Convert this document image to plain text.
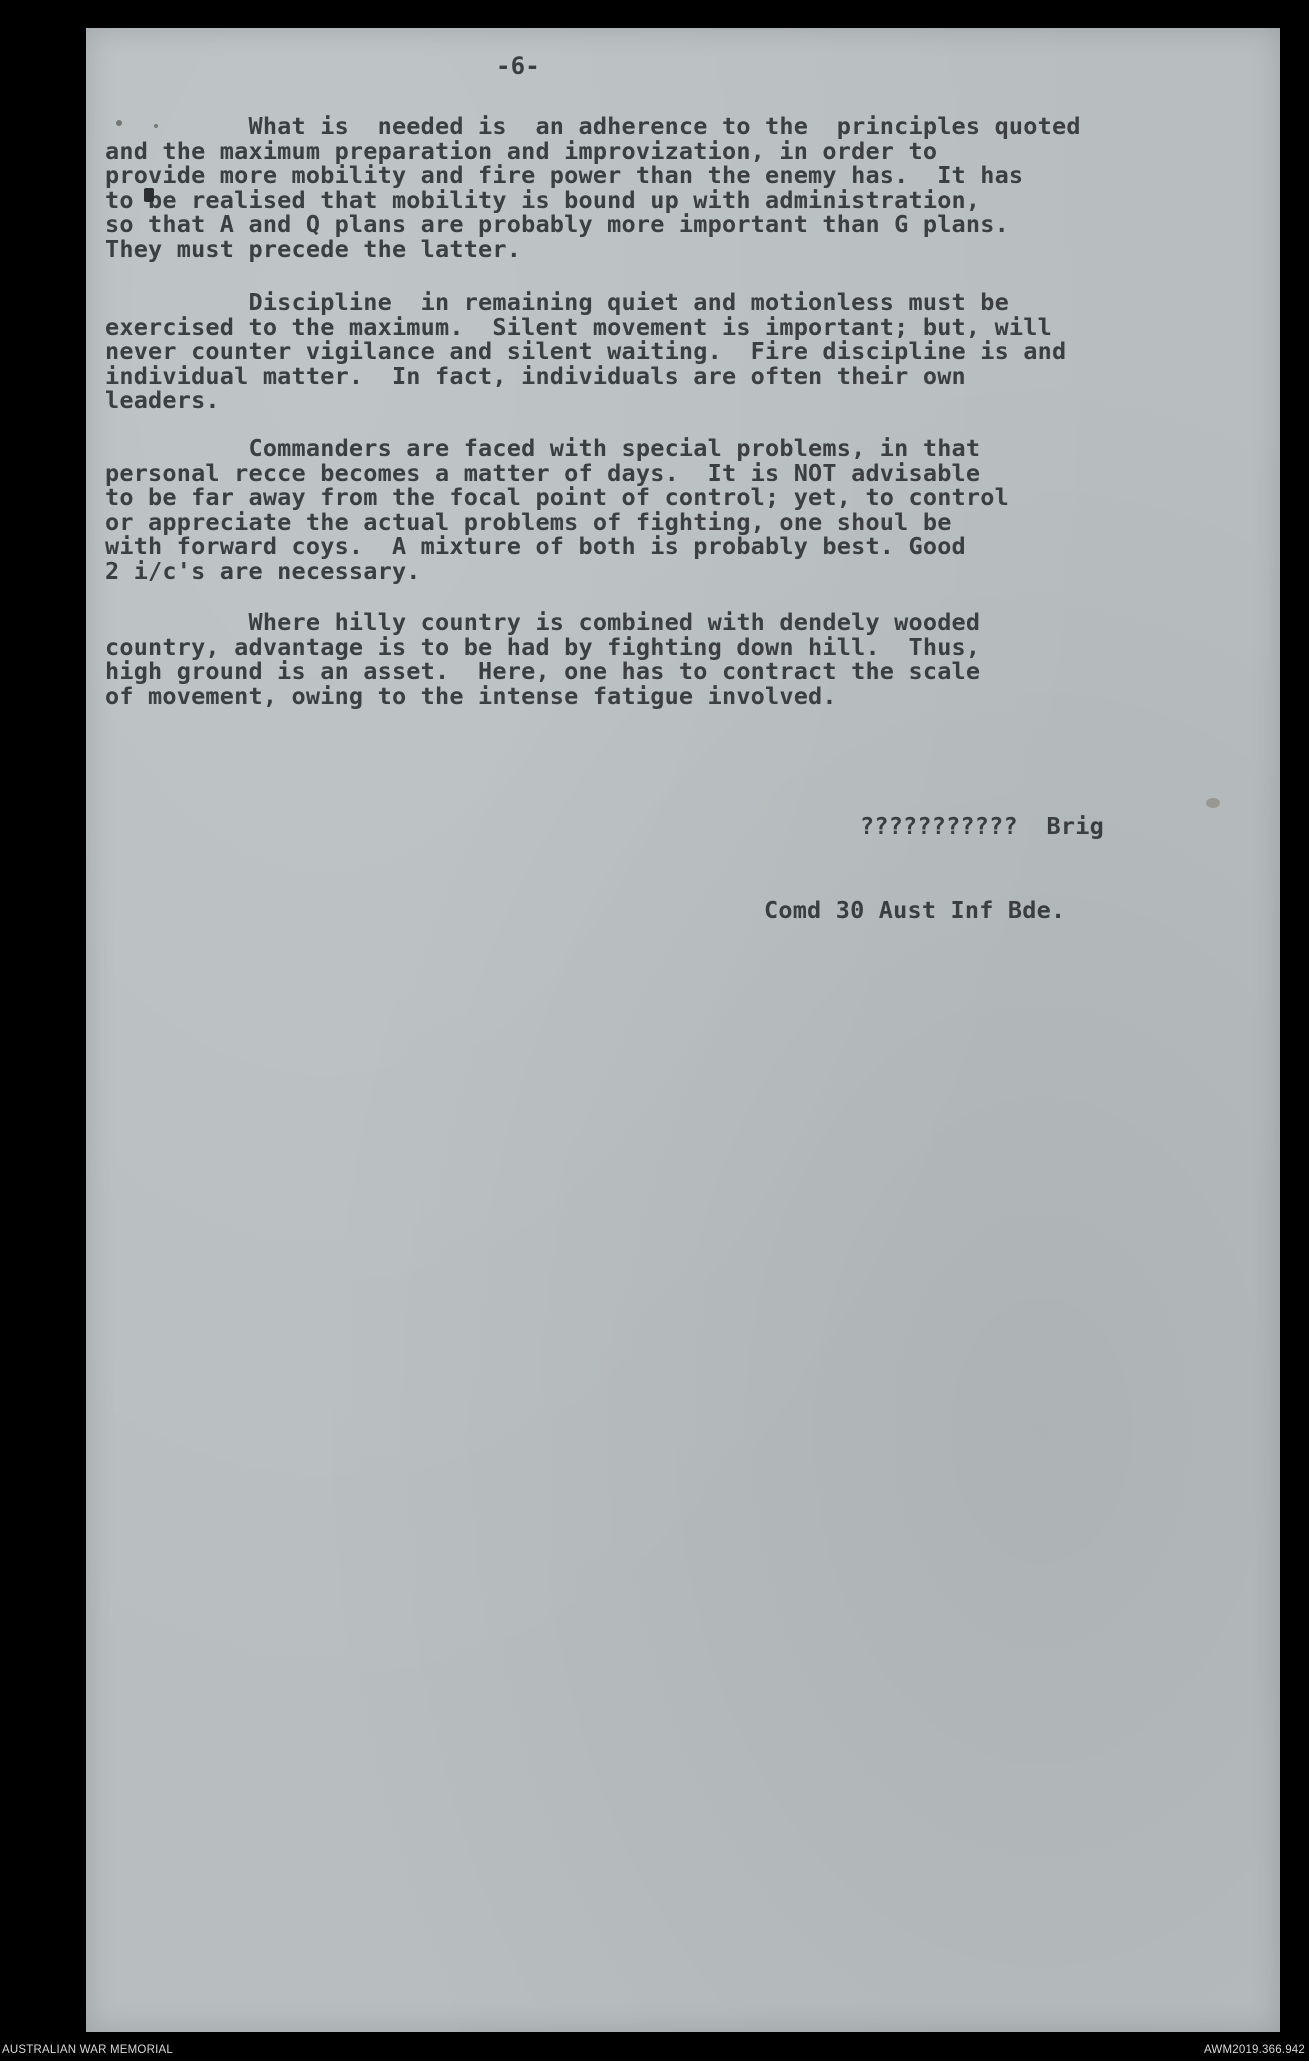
-6-
What is  needed is  an adherence to the  principles quoted
and the maximum preparation and improvization, in order to
provide more mobility and fire power than the enemy has.  It has
to be realised that mobility is bound up with administration,
so that A and Q plans are probably more important than G plans.
They must precede the latter.
Discipline  in remaining quiet and motionless must be
exercised to the maximum.  Silent movement is important; but, will
never counter vigilance and silent waiting.  Fire discipline is and
individual matter.  In fact, individuals are often their own
leaders.
Commanders are faced with special problems, in that
personal recce becomes a matter of days.  It is NOT advisable
to be far away from the focal point of control; yet, to control
or appreciate the actual problems of fighting, one shoul be
with forward coys.  A mixture of both is probably best. Good
2 i/c's are necessary.
Where hilly country is combined with dendely wooded
country, advantage is to be had by fighting down hill.  Thus,
high ground is an asset.  Here, one has to contract the scale
of movement, owing to the intense fatigue involved.

???????????  Brig

Comd 30 Aust Inf Bde.

AUSTRALIAN WAR MEMORIAL	AWM2019.366.942
